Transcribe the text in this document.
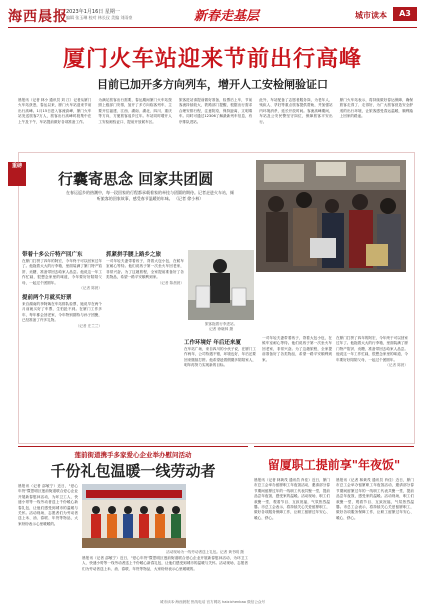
海西晨报
2023年1月16日 星期一
编辑 张玉琳 校对 林长仪 美编 刘雨豪	新春走基层	城市读本	A3
厦门火车站迎来节前出行高峰
目前已加开多方向列车，增开人工安检闸验证口
晨报讯（记者 林小 通讯员 刘 江）记者从厦门火车站获悉，春运以来，厦门火车站迎来节前出行高峰。1月15日进入客流高峰，厦门火车站发送旅客7万人，旅客出行高峰时段集中在上午及下午，车站提前做好各项准备工作。
为满足旅客出行需要，春运期间厦门火车站按照上级部门安排，加开了多方向临客列车，主要开往福建、江西、湖南、湖北、四川、重庆等方向，方便旅客返乡过年。车站同时增开人工安检闸验证口、提前开放候车区。
旅客进站请提前做好准备，检票后上车，节前客流持续较大，铁路部门提醒，根据出行需求合理安排行程，注意防疫，保持距离，文明乘车。同时可通过12306了解最新列车信息，有序排队进站。
此外，车站配备了志愿者服务岗，为老年人、残疾人、孕妇等重点旅客提供帮助，并加强站内环境消杀，延长开放时间。客流高峰期间，车站及公安民警坚守岗位，保障旅客平安出行。
厦门火车站表示，将持续做好春运保障，确保旅客走得了、走得好，为广大旅客营造安全舒适的出行环境，让旅客感受春运温暖，顺利踏上回家的路途。
重磅
行囊寄思念 回家共团圆
在春运返乡的热潮中，每一段回家的行程都承载着家的牵挂与团圆的期待。记者走进火车站，倾听旅客的回家故事，感受春节温暖的年味。 （记者 徐小林）
带着十多公斤特产回广东
在厦门打拼了四年的阿宏，今年终于可以回家过年了。他拖着大大的行李箱，里面装满了厦门特产馅饼、贡糖，准备带回去给家人品尝。他说这一年工作忙碌，很想念家里的味道，今年要好好陪陪父母，一起过个团圆年。
（记者 陈晨）
提前两个月就买好票
来自湖南的李阿姨在车站排队检票，她说早在两个月前就买好了车票，生怕抢不到。在厦门工作多年，每年都会回老家，今年特别期待与孙子团聚，已经准备了许多礼物。
（记者 庄兰兰）
抓紧拼手腰上路乡之旅
一对年轻夫妻带着孩子，背着大包小包，在候车室耐心等待。他们说孩子第一次坐火车回老家，非常兴奋。为了这趟旅程，全家提前准备好了各类物品，希望一路平安顺利到家。
（记者 陈晨晨）
旅客拖着行李进站。
记者 徐晓林 摄
工作环境好 年后还来厦
在车站广场，来自四川的小伙子说，在厦门工作两年，公司待遇不错，环境也好，年后还要回来继续打拼。他希望趁着假期多陪陪家人，明年再努力实现新的目标。
一对年轻夫妻带着孩子，背着大包小包，在候车室耐心等待。他们说孩子第一次坐火车回老家，非常兴奋。为了这趟旅程，全家提前准备好了各类物品，希望一路平安顺利到家。
在厦门打拼了四年的阿宏，今年终于可以回家过年了。他拖着大大的行李箱，里面装满了厦门特产馅饼、贡糖，准备带回去给家人品尝。他说这一年工作忙碌，很想念家里的味道，今年要好好陪陪父母，一起过个团圆年。
（记者 陈晨）
莲前街道携手多家爱心企业举办慰问活动
千份礼包温暖一线劳动者
活动现场为一线劳动者送上礼包。记者 黄书明 摄
晨报讯（记者 邵敏宁）近日，"爱心年货"暨思明区莲前街道联合爱心企业开展新春慰问活动，为环卫工人、快递小哥等一线劳动者送上千份暖心新春礼包，让他们感受到城市的温暖与关怀。活动现场，志愿者们为劳动者送上米、油、春联、年货等物品，大家纷纷表示心里暖暖的。
晨报讯（记者 邵敏宁）近日，"爱心年货"暨思明区莲前街道联合爱心企业开展新春慰问活动，为环卫工人、快递小哥等一线劳动者送上千份暖心新春礼包，让他们感受到城市的温暖与关怀。活动现场，志愿者们为劳动者送上米、油、春联、年货等物品，大家纷纷表示心里暖暖的。
留厦职工提前享"年夜饭"
晨报讯（记者 林黄茂 通讯员 肖佳）近日，厦门市总工会举办留厦职工年夜饭活动，邀请部分春节期间留厦过年的一线职工代表共聚一堂，提前品尝年夜饭，感受家的温暖。活动现场，职工们欢聚一堂，观看节目、互致祝福，气氛热烈温馨。市总工会表示，将持续关心关爱留厦职工，做好各项服务保障工作，让职工留厦过年安心、暖心、舒心。
晨报讯（记者 林黄茂 通讯员 肖佳）近日，厦门市总工会举办留厦职工年夜饭活动，邀请部分春节期间留厦过年的一线职工代表共聚一堂，提前品尝年夜饭，感受家的温暖。活动现场，职工们欢聚一堂，观看节目、互致祝福，气氛热烈温馨。市总工会表示，将持续关心关爱留厦职工，做好各项服务保障工作，让职工留厦过年安心、暖心、舒心。
城市读本·海西晨报 热线电话 官方网站 haixichenbao 微信公众号
